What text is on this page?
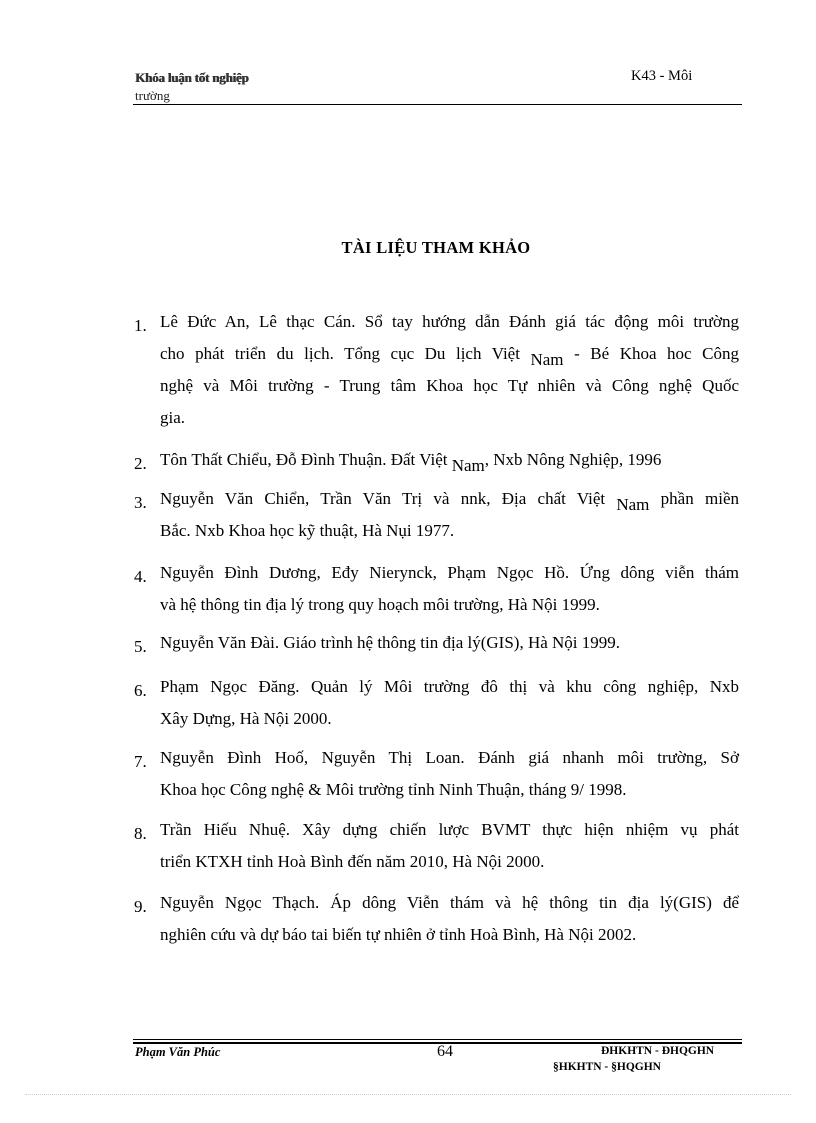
Khóa luận tốt nghiệp
trường
K43 - Môi
TÀI LIỆU THAM KHẢO
1. Lê Đức An, Lê thạc Cán. Sổ tay hướng dẫn Đánh giá tác động môi trường
cho phát triển du lịch. Tổng cục Du lịch Việt Nam - Bé Khoa hoc Công
nghệ và Môi trường - Trung tâm Khoa học Tự nhiên và Công nghệ Quốc
gia.
2. Tôn Thất Chiểu, Đỗ Đình Thuận. Đất Việt Nam, Nxb Nông Nghiệp, 1996
3. Nguyễn Văn Chiển, Trần Văn Trị và nnk, Địa chất Việt Nam phần miền
Bắc. Nxb Khoa học kỹ thuật, Hà Nụi 1977.
4. Nguyễn Đình Dương, Eđy Nierynck, Phạm Ngọc Hồ. Ứng dông viễn thám
và hệ thông tin địa lý trong quy hoạch môi trường, Hà Nội 1999.
5. Nguyễn Văn Đài. Giáo trình hệ thông tin địa lý(GIS), Hà Nội 1999.
6. Phạm Ngọc Đăng. Quản lý Môi trường đô thị và khu công nghiệp, Nxb
Xây Dựng, Hà Nội 2000.
7. Nguyễn Đình Hoố, Nguyễn Thị Loan. Đánh giá nhanh môi trường, Sở
Khoa học Công nghệ & Môi trường tỉnh Ninh Thuận, tháng 9/ 1998.
8. Trần Hiếu Nhuệ. Xây dựng chiến lược BVMT thực hiện nhiệm vụ phát
triển KTXH tỉnh Hoà Bình đến năm 2010, Hà Nội 2000.
9. Nguyễn Ngọc Thạch. Áp dông Viễn thám và hệ thông tin địa lý(GIS) để
nghiên cứu và dự báo tai biến tự nhiên ở tỉnh Hoà Bình, Hà Nội 2002.
Phạm Văn Phúc	64	ĐHKHTN - ĐHQGHN
§HKHTN - §HQGHN
